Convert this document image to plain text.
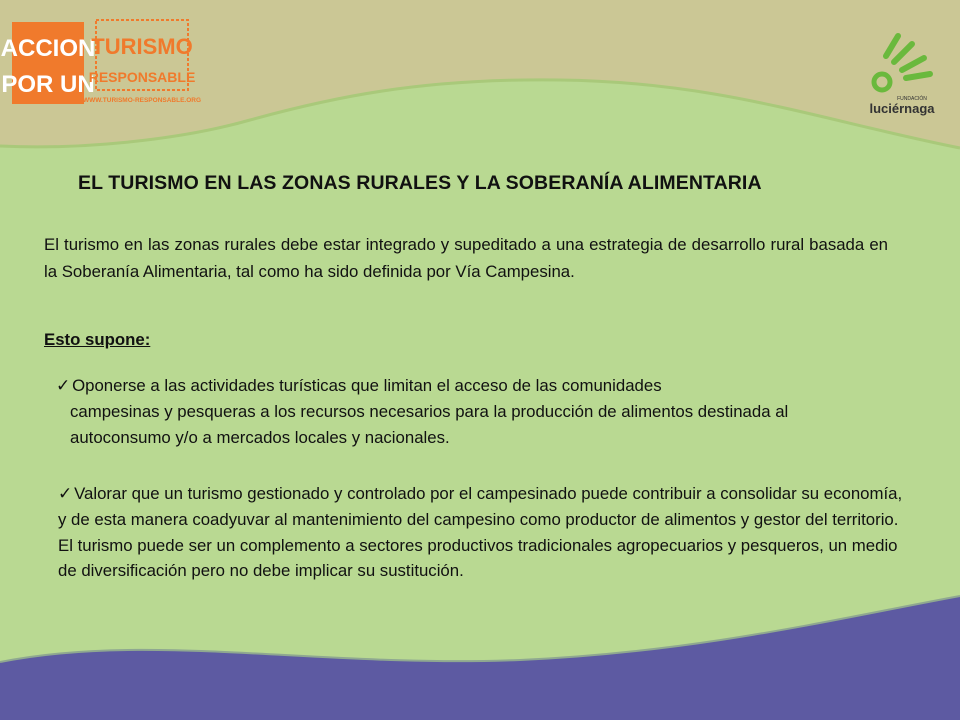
ACCION
POR UN
TURISMO
RESPONSABLE
WWW.TURISMO-RESPONSABLE.ORG	FUNDACIÓN
luciérnaga
EL TURISMO EN LAS ZONAS RURALES Y LA SOBERANÍA ALIMENTARIA
El turismo en las zonas rurales debe estar integrado y supeditado a una estrategia de desarrollo rural basada en la Soberanía Alimentaria, tal como ha sido definida por Vía Campesina.
Esto supone:
✓ Oponerse a las actividades turísticas que limitan el acceso de las comunidades
campesinas y pesqueras a los recursos necesarios para la producción de alimentos destinada al autoconsumo y/o a mercados locales y nacionales.
✓ Valorar que un turismo gestionado y controlado por el campesinado puede contribuir a consolidar su economía, y de esta manera coadyuvar al mantenimiento del campesino como productor de alimentos y gestor del territorio. El turismo puede ser un complemento a sectores productivos tradicionales agropecuarios y pesqueros, un medio de diversificación pero no debe implicar su sustitución.
